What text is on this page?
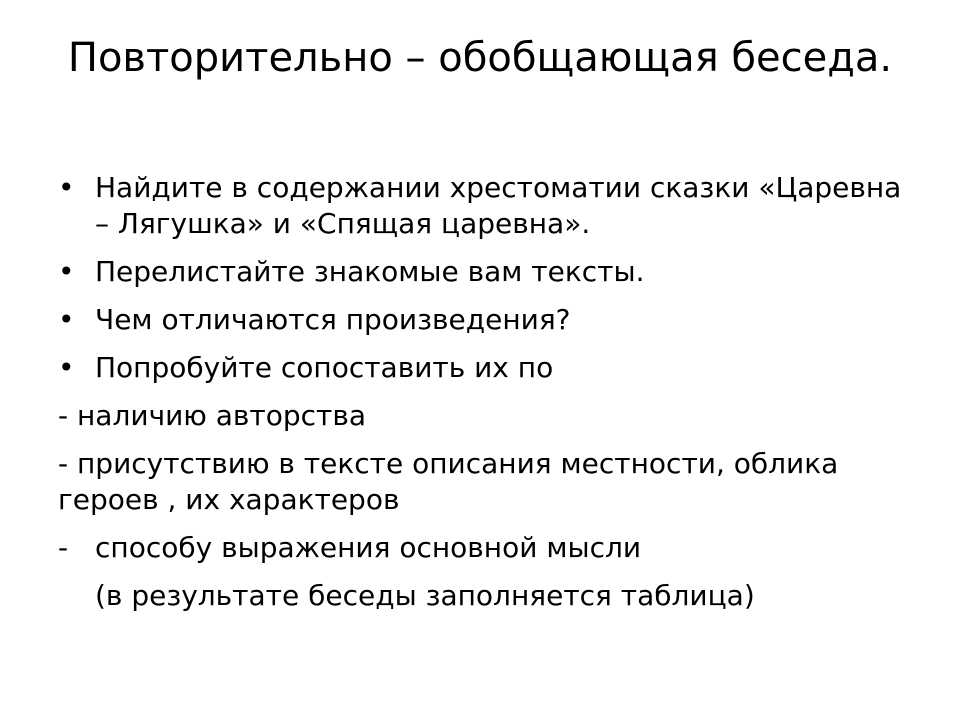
Повторительно – обобщающая беседа.
• Найдите в содержании хрестоматии сказки «Царевна – Лягушка» и «Спящая царевна».
• Перелистайте знакомые вам тексты.
• Чем отличаются произведения?
• Попробуйте сопоставить их по
- наличию авторства
- присутствию в тексте описания местности, облика героев , их характеров
- способу выражения основной мысли
(в результате беседы заполняется таблица)
